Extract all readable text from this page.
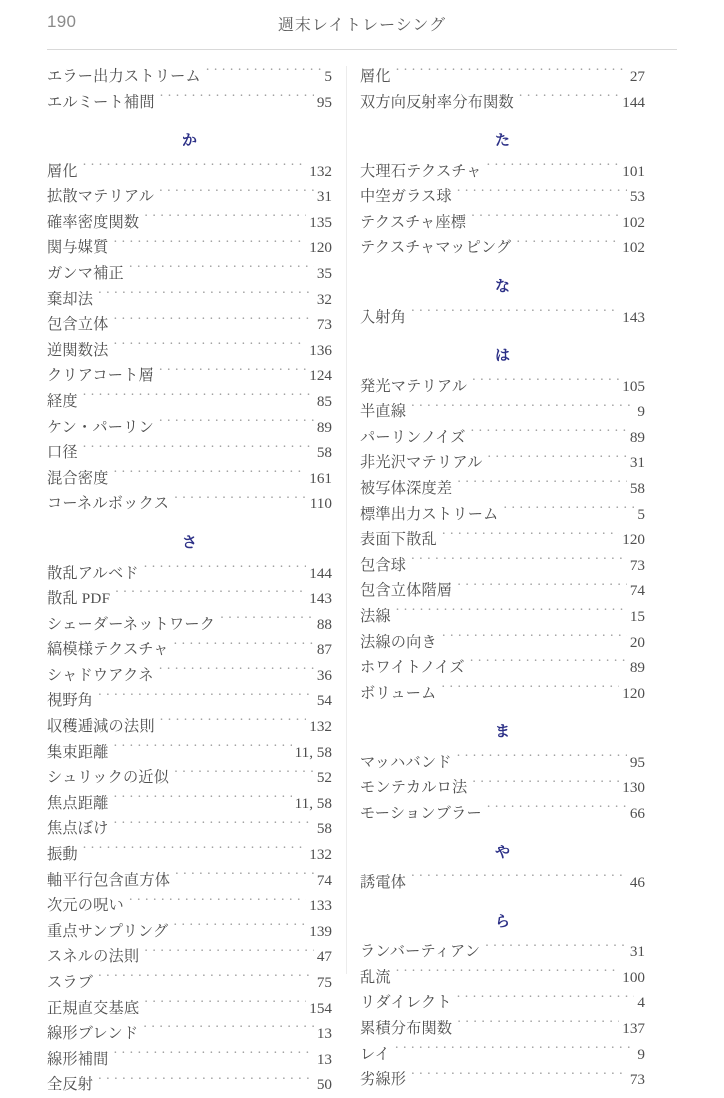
190	週末レイトレーシング
エラー出力ストリーム . . .	5
エルミート補間 . . .	95
か
層化 . . .	132
拡散マテリアル . . .	31
確率密度関数 . . .	135
関与媒質 . . .	120
ガンマ補正 . . .	35
棄却法 . . .	32
包含立体 . . .	73
逆関数法 . . .	136
クリアコート層 . . .	124
経度 . . .	85
ケン・パーリン . . .	89
口径 . . .	58
混合密度 . . .	161
コーネルボックス . . .	110
さ
散乱アルベド . . .	144
散乱 PDF . . .	143
シェーダーネットワーク . . .	88
縞模様テクスチャ . . .	87
シャドウアクネ . . .	36
視野角 . . .	54
収穫逓減の法則 . . .	132
集束距離 . . .	11, 58
シュリックの近似 . . .	52
焦点距離 . . .	11, 58
焦点ぼけ . . .	58
振動 . . .	132
軸平行包含直方体 . . .	74
次元の呪い . . .	133
重点サンプリング . . .	139
スネルの法則 . . .	47
スラブ . . .	75
正規直交基底 . . .	154
線形ブレンド . . .	13
線形補間 . . .	13
全反射 . . .	50
層化 . . .	27
双方向反射率分布関数 . . .	144
た
大理石テクスチャ . . .	101
中空ガラス球 . . .	53
テクスチャ座標 . . .	102
テクスチャマッピング . . .	102
な
入射角 . . .	143
は
発光マテリアル . . .	105
半直線 . . .	9
パーリンノイズ . . .	89
非光沢マテリアル . . .	31
被写体深度差 . . .	58
標準出力ストリーム . . .	5
表面下散乱 . . .	120
包含球 . . .	73
包含立体階層 . . .	74
法線 . . .	15
法線の向き . . .	20
ホワイトノイズ . . .	89
ボリューム . . .	120
ま
マッハバンド . . .	95
モンテカルロ法 . . .	130
モーションブラー . . .	66
や
誘電体 . . .	46
ら
ランバーティアン . . .	31
乱流 . . .	100
リダイレクト . . .	4
累積分布関数 . . .	137
レイ . . .	9
劣線形 . . .	73
